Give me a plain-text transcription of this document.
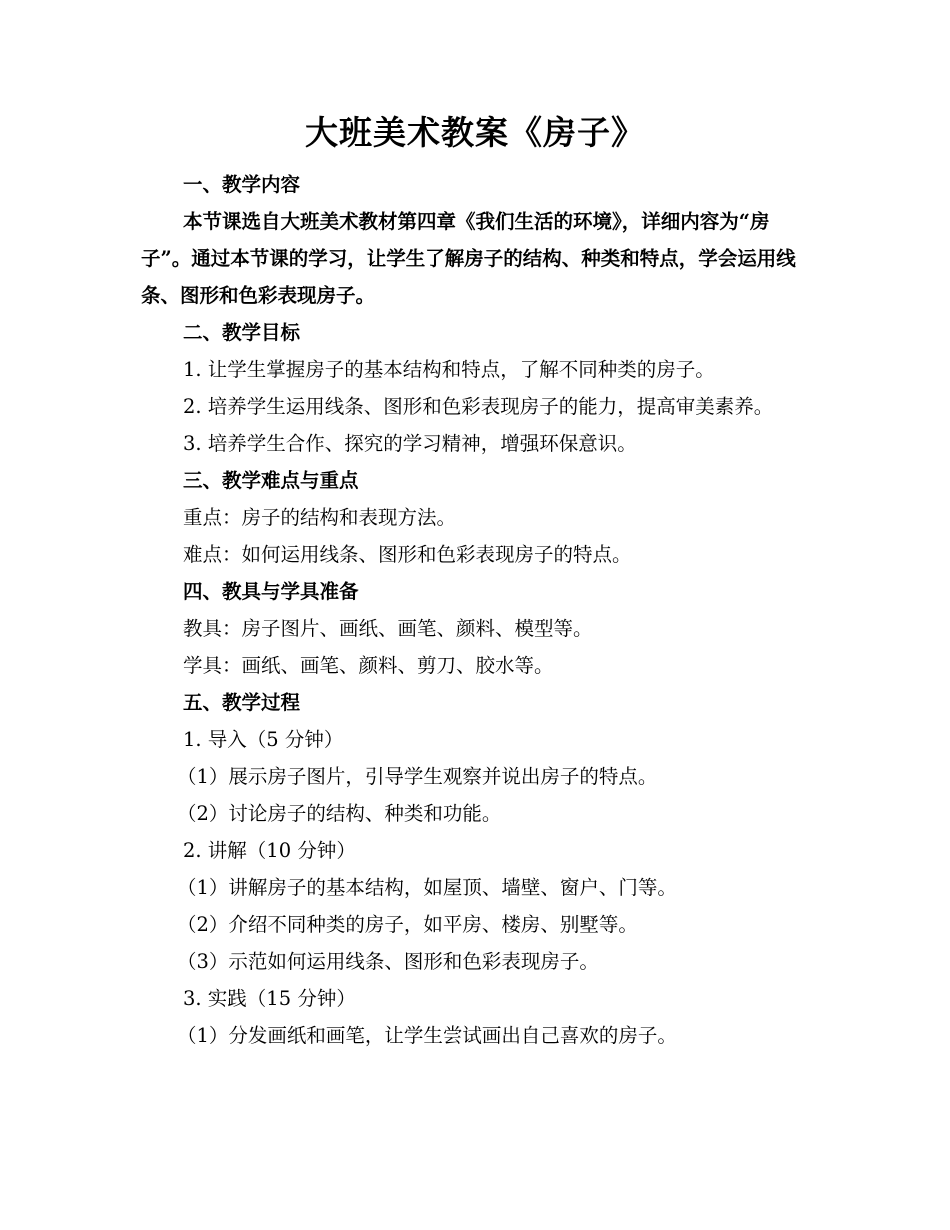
大班美术教案《房子》

一、教学内容

本节课选自大班美术教材第四章《我们生活的环境》，详细内容为“房子”。通过本节课的学习，让学生了解房子的结构、种类和特点，学会运用线条、图形和色彩表现房子。

二、教学目标

1. 让学生掌握房子的基本结构和特点，了解不同种类的房子。

2. 培养学生运用线条、图形和色彩表现房子的能力，提高审美素养。

3. 培养学生合作、探究的学习精神，增强环保意识。

三、教学难点与重点

重点：房子的结构和表现方法。

难点：如何运用线条、图形和色彩表现房子的特点。

四、教具与学具准备

教具：房子图片、画纸、画笔、颜料、模型等。

学具：画纸、画笔、颜料、剪刀、胶水等。

五、教学过程

1. 导入（5 分钟）

（1）展示房子图片，引导学生观察并说出房子的特点。

（2）讨论房子的结构、种类和功能。

2. 讲解（10 分钟）

（1）讲解房子的基本结构，如屋顶、墙壁、窗户、门等。

（2）介绍不同种类的房子，如平房、楼房、别墅等。

（3）示范如何运用线条、图形和色彩表现房子。

3. 实践（15 分钟）

（1）分发画纸和画笔，让学生尝试画出自己喜欢的房子。
